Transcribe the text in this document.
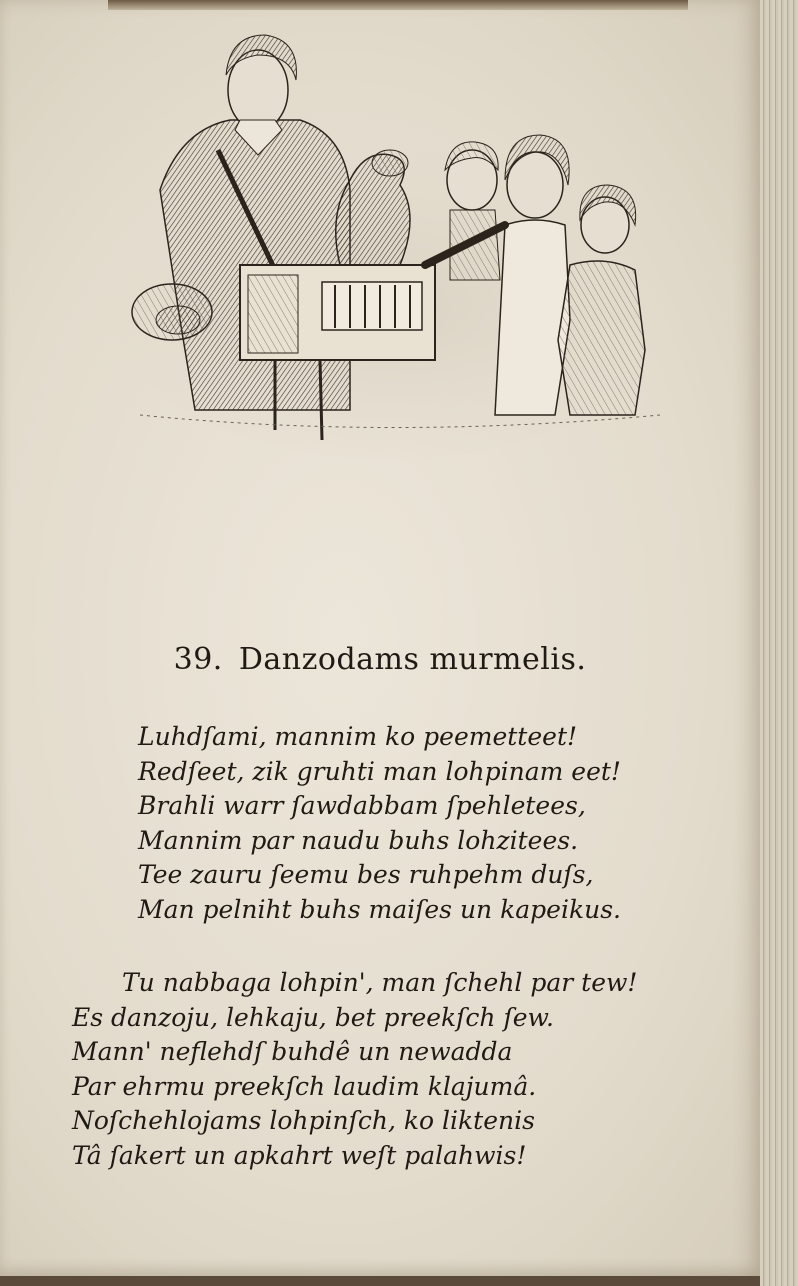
39. Danzodams murmelis.
Luhdſami, mannim ko peemetteet!
Redſeet, zik gruhti man lohpinam eet!
Brahli warr ſawdabbam ſpehletees,
Mannim par naudu buhs lohzitees.
Tee zauru ſeemu bes ruhpehm duſs,
Man pelniht buhs maiſes un kapeikus.
Tu nabbaga lohpin', man ſchehl par tew!
Es danzoju, lehkaju, bet preekſch ſew.
Mann' neflehdſ buhdê un newadda
Par ehrmu preekſch laudim klajumâ.
Noſchehlojams lohpinſch, ko liktenis
Tâ ſakert un apkahrt weſt palahwis!
